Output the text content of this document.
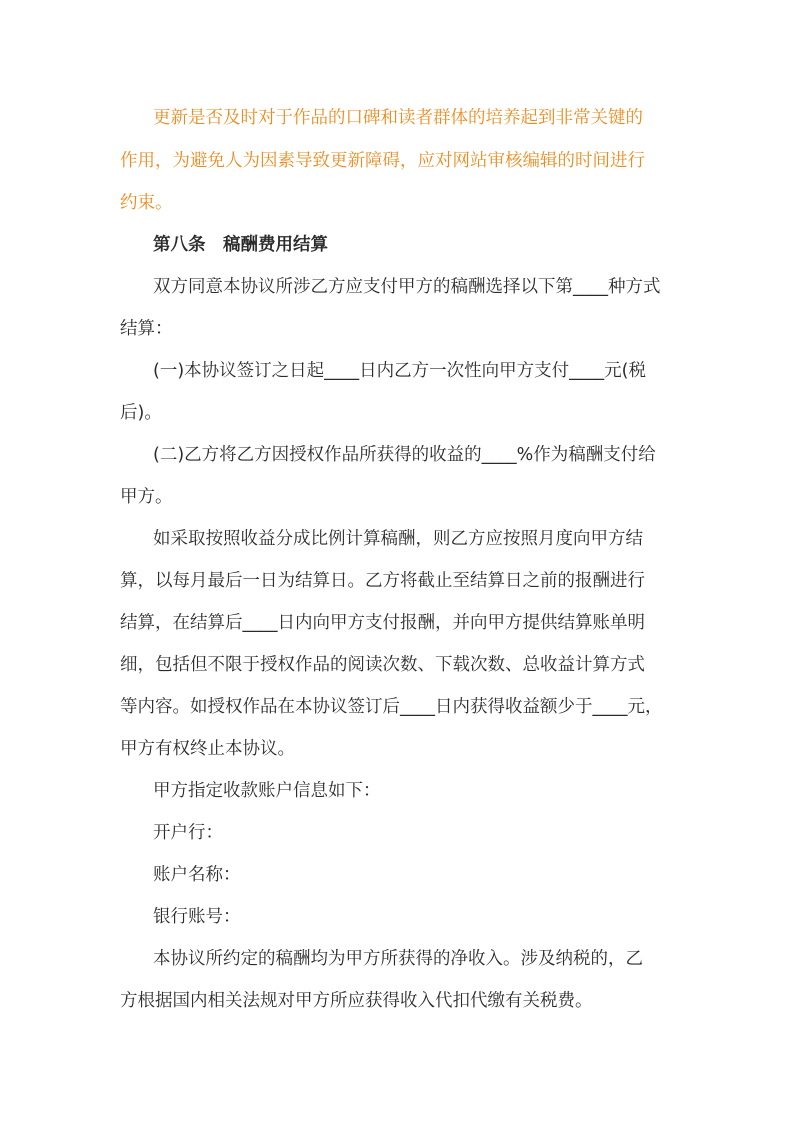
更新是否及时对于作品的口碑和读者群体的培养起到非常关键的
作用，为避免人为因素导致更新障碍，应对网站审核编辑的时间进行
约束。
第八条　稿酬费用结算
双方同意本协议所涉乙方应支付甲方的稿酬选择以下第____种方式
结算：
(一)本协议签订之日起____日内乙方一次性向甲方支付____元(税
后)。
(二)乙方将乙方因授权作品所获得的收益的____%作为稿酬支付给
甲方。
如采取按照收益分成比例计算稿酬，则乙方应按照月度向甲方结
算，以每月最后一日为结算日。乙方将截止至结算日之前的报酬进行
结算，在结算后____日内向甲方支付报酬，并向甲方提供结算账单明
细，包括但不限于授权作品的阅读次数、下载次数、总收益计算方式
等内容。如授权作品在本协议签订后____日内获得收益额少于____元，
甲方有权终止本协议。
甲方指定收款账户信息如下：
开户行：
账户名称：
银行账号：
本协议所约定的稿酬均为甲方所获得的净收入。涉及纳税的，乙
方根据国内相关法规对甲方所应获得收入代扣代缴有关税费。
